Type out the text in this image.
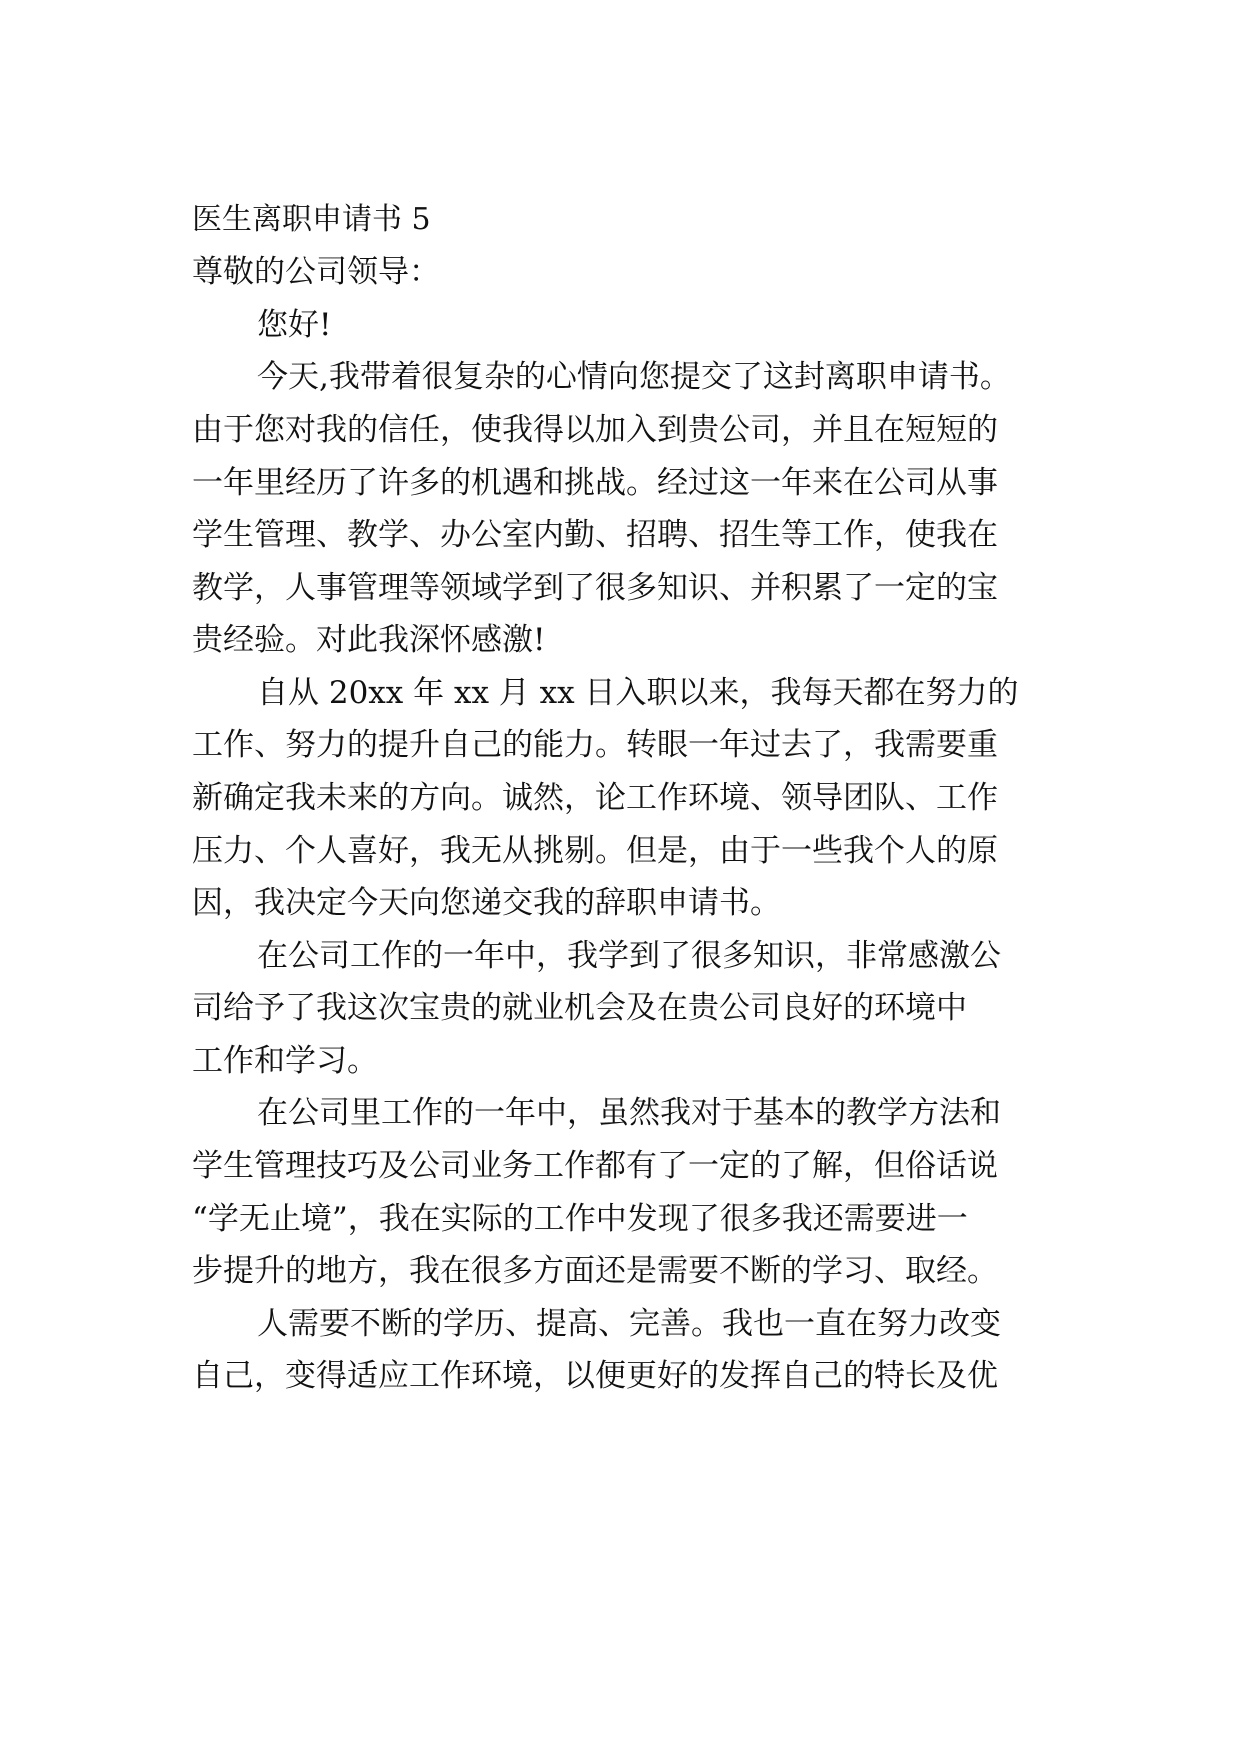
医生离职申请书 5

尊敬的公司领导：

您好!

今天,我带着很复杂的心情向您提交了这封离职申请书。

由于您对我的信任，使我得以加入到贵公司，并且在短短的

一年里经历了许多的机遇和挑战。经过这一年来在公司从事

学生管理、教学、办公室内勤、招聘、招生等工作，使我在

教学，人事管理等领域学到了很多知识、并积累了一定的宝

贵经验。对此我深怀感激!

自从 20xx 年 xx 月 xx 日入职以来，我每天都在努力的

工作、努力的提升自己的能力。转眼一年过去了，我需要重

新确定我未来的方向。诚然，论工作环境、领导团队、工作

压力、个人喜好，我无从挑剔。但是，由于一些我个人的原

因，我决定今天向您递交我的辞职申请书。

在公司工作的一年中，我学到了很多知识，非常感激公

司给予了我这次宝贵的就业机会及在贵公司良好的环境中

工作和学习。

在公司里工作的一年中，虽然我对于基本的教学方法和

学生管理技巧及公司业务工作都有了一定的了解，但俗话说

“学无止境”，我在实际的工作中发现了很多我还需要进一

步提升的地方，我在很多方面还是需要不断的学习、取经。

人需要不断的学历、提高、完善。我也一直在努力改变

自己，变得适应工作环境，以便更好的发挥自己的特长及优
